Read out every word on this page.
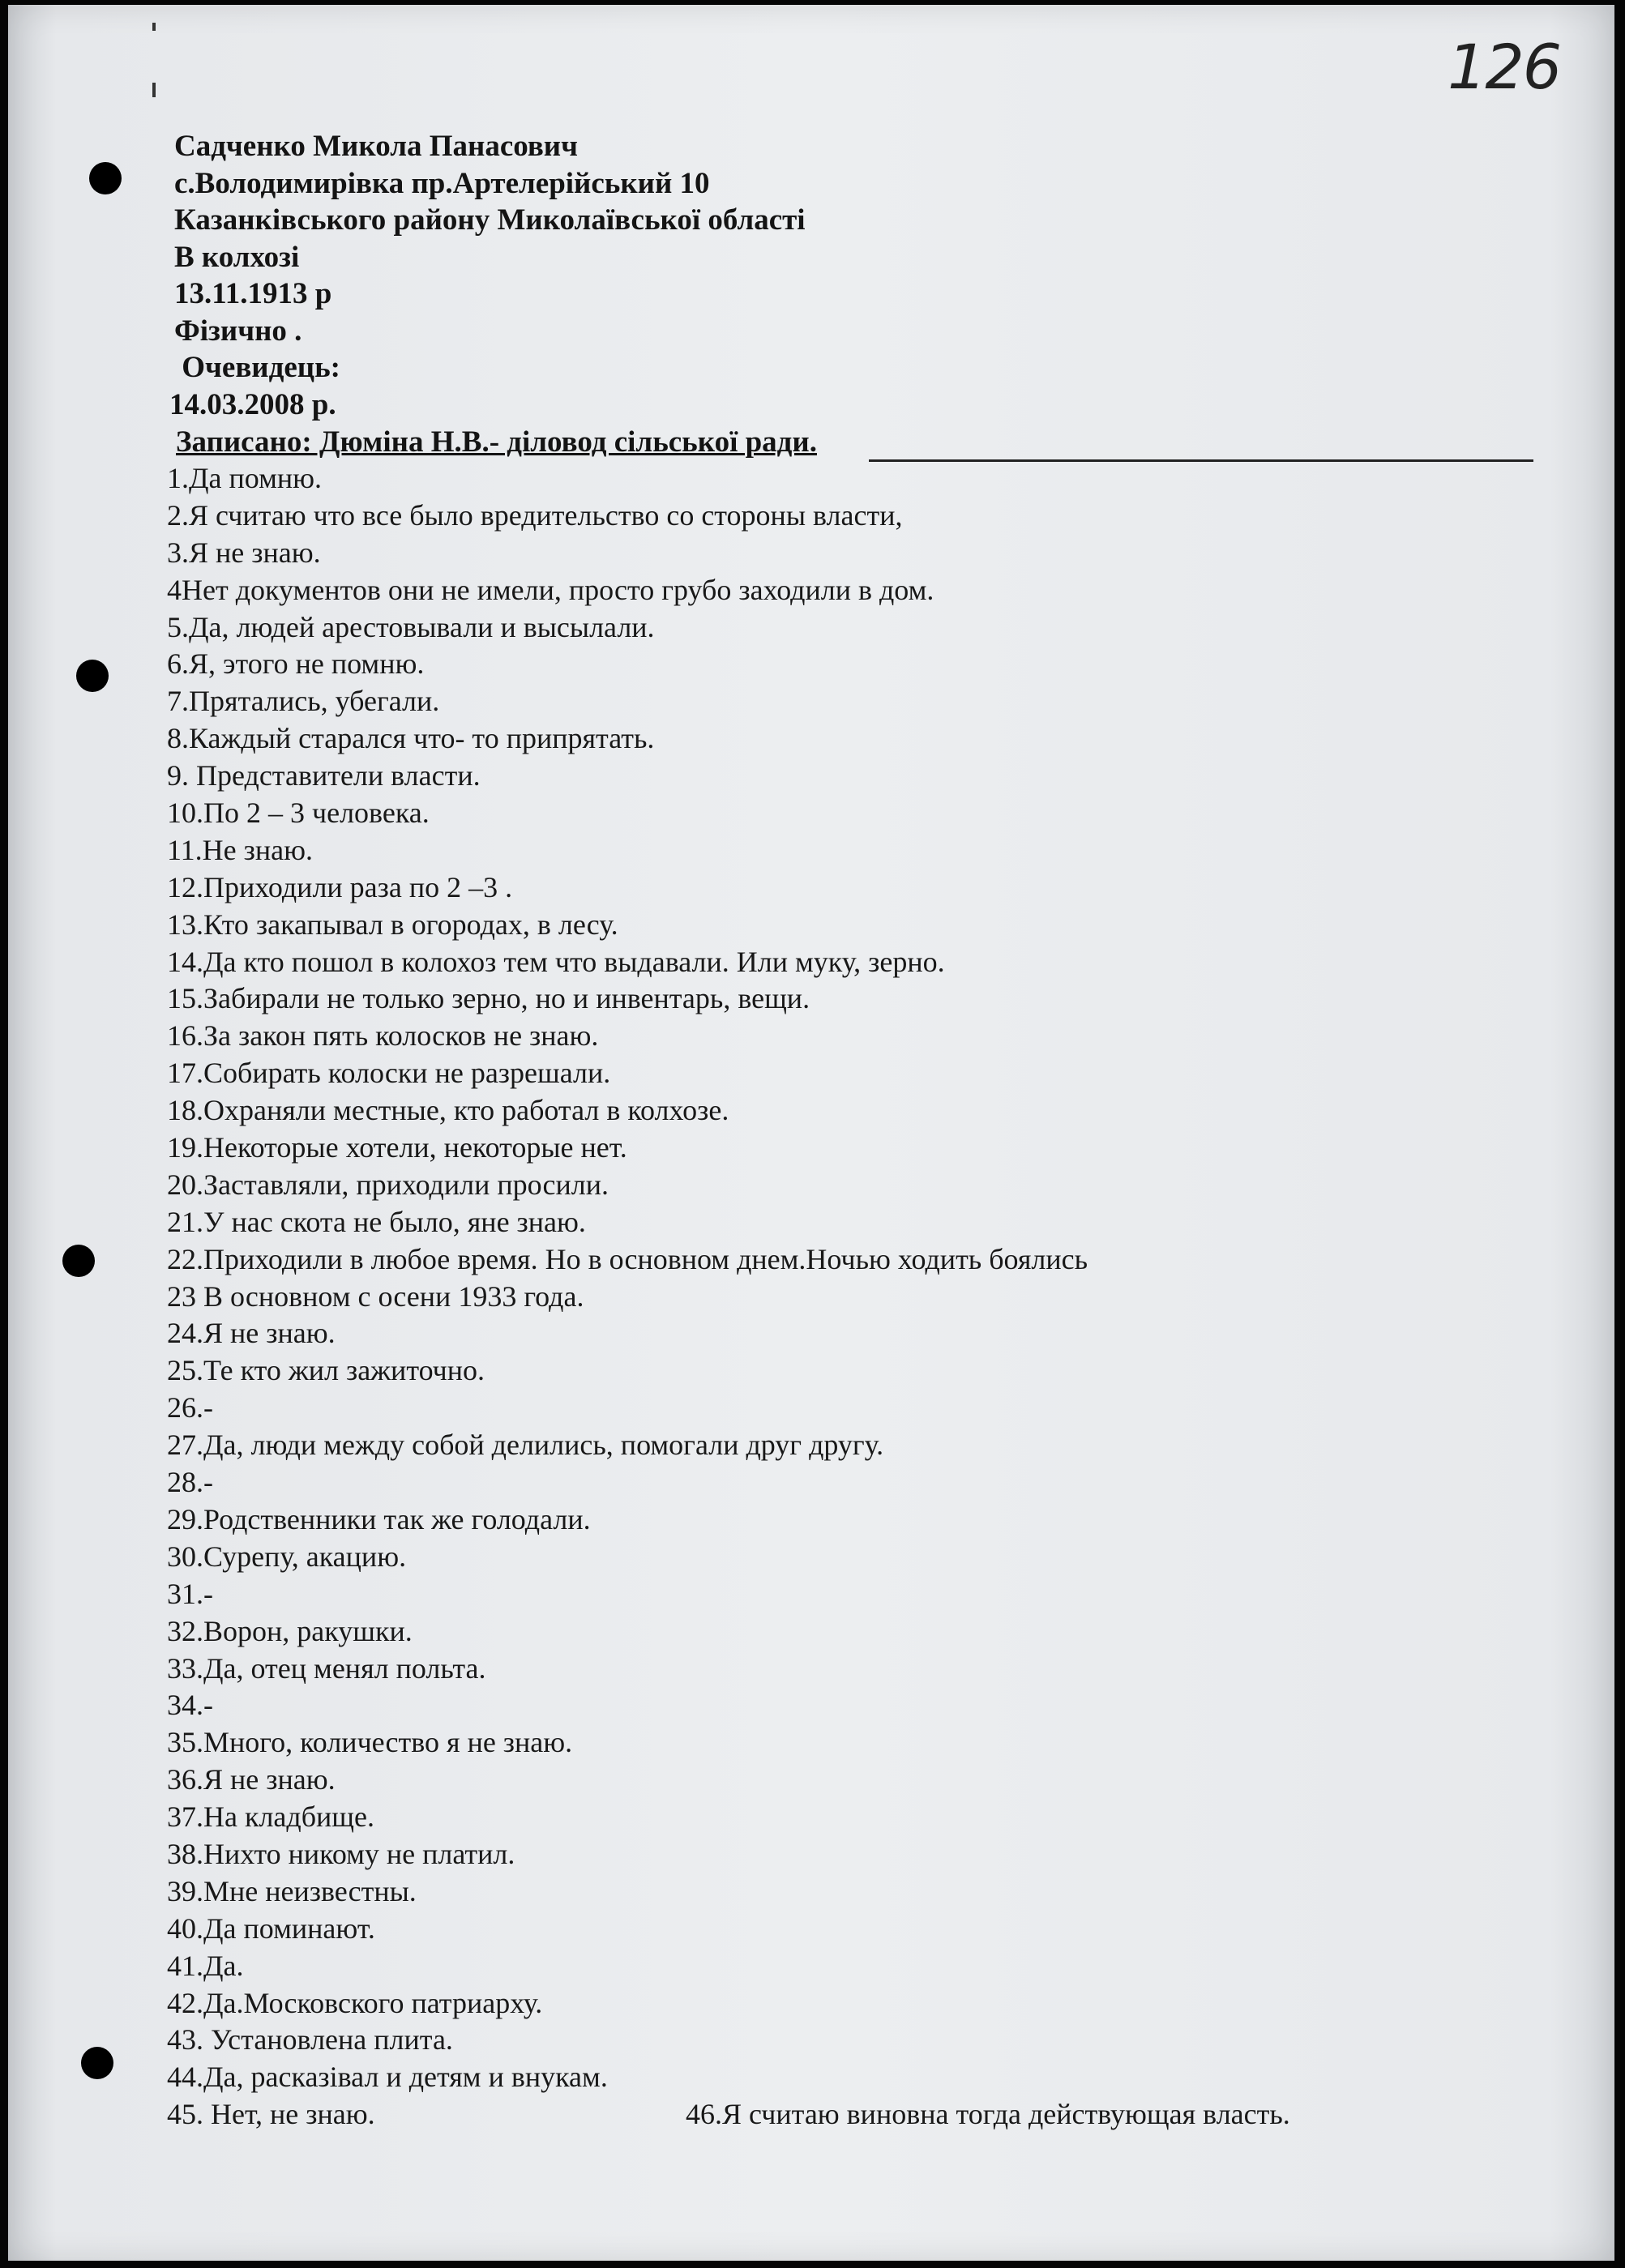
126
Садченко Микола Панасович
с.Володимирівка пр.Артелерійський 10
Казанківського району Миколаївської області
В колхозі
13.11.1913 р
Фізично .
Очевидець:
14.03.2008 р.
Записано: Дюміна Н.В.- діловод сільської ради.
1.Да помню.
2.Я считаю что все было вредительство со стороны власти,
3.Я не знаю.
4Нет документов они не имели, просто грубо заходили в дом.
5.Да, людей арестовывали и высылали.
6.Я, этого не помню.
7.Прятались, убегали.
8.Каждый старался что- то припрятать.
9. Представители власти.
10.По 2 – 3 человека.
11.Не знаю.
12.Приходили раза по 2 –3 .
13.Кто закапывал в огородах, в лесу.
14.Да кто пошол в колохоз тем что выдавали. Или муку, зерно.
15.Забирали не только зерно, но и инвентарь, вещи.
16.За закон пять колосков не знаю.
17.Собирать колоски не разрешали.
18.Охраняли местные, кто работал в колхозе.
19.Некоторые хотели, некоторые нет.
20.Заставляли, приходили просили.
21.У нас скота не было, яне знаю.
22.Приходили в любое время. Но в основном днем.Ночью ходить боялись
23 В основном с осени 1933 года.
24.Я не знаю.
25.Те кто жил зажиточно.
26.-
27.Да, люди между собой делились, помогали друг другу.
28.-
29.Родственники так же голодали.
30.Сурепу, акацию.
31.-
32.Ворон, ракушки.
33.Да, отец менял польта.
34.-
35.Много, количество я не знаю.
36.Я не знаю.
37.На кладбище.
38.Нихто никому не платил.
39.Мне неизвестны.
40.Да поминают.
41.Да.
42.Да.Московского патриарху.
43. Установлена плита.
44.Да, расказівал и детям и внукам.
45. Нет, не знаю.	46.Я считаю виновна тогда действующая власть.
